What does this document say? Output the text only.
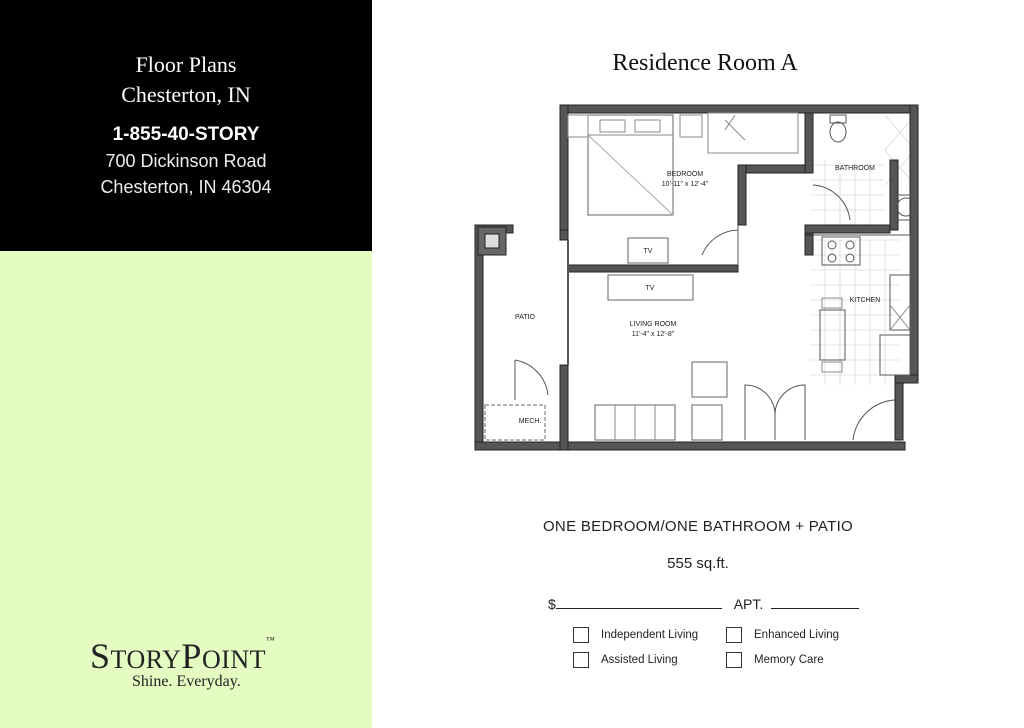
Floor Plans
Chesterton, IN
1-855-40-STORY
700 Dickinson Road
Chesterton, IN 46304
STORYPOINT™
Shine. Everyday.
Residence Room A
BEDROOM
10'-11" x 12'-4"
BATHROOM
KITCHEN
LIVING ROOM
11'-4" x 12'-8"
PATIO
MECH.
TV
TV
ONE BEDROOM/ONE BATHROOM + PATIO
555 sq.ft.
$	APT.
Independent Living	Enhanced Living
Assisted Living	Memory Care
